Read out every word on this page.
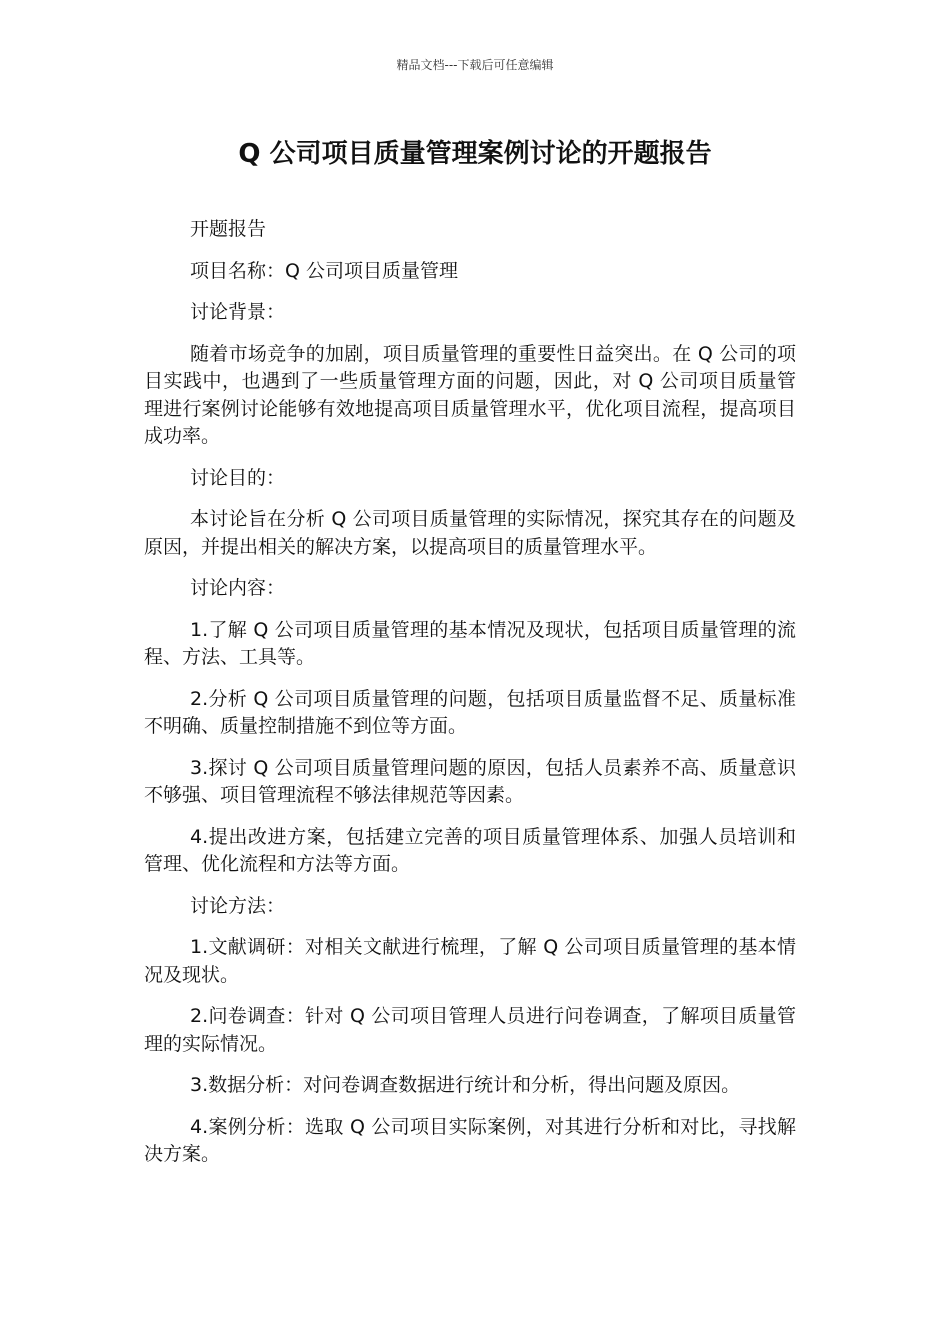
精品文档---下载后可任意编辑
Q 公司项目质量管理案例讨论的开题报告

开题报告

项目名称：Q 公司项目质量管理

讨论背景：

随着市场竞争的加剧，项目质量管理的重要性日益突出。在 Q 公司的项目实践中，也遇到了一些质量管理方面的问题，因此，对 Q 公司项目质量管理进行案例讨论能够有效地提高项目质量管理水平，优化项目流程，提高项目成功率。

讨论目的：

本讨论旨在分析 Q 公司项目质量管理的实际情况，探究其存在的问题及原因，并提出相关的解决方案，以提高项目的质量管理水平。

讨论内容：

1.了解 Q 公司项目质量管理的基本情况及现状，包括项目质量管理的流程、方法、工具等。

2.分析 Q 公司项目质量管理的问题，包括项目质量监督不足、质量标准不明确、质量控制措施不到位等方面。

3.探讨 Q 公司项目质量管理问题的原因，包括人员素养不高、质量意识不够强、项目管理流程不够法律规范等因素。

4.提出改进方案，包括建立完善的项目质量管理体系、加强人员培训和管理、优化流程和方法等方面。

讨论方法：

1.文献调研：对相关文献进行梳理，了解 Q 公司项目质量管理的基本情况及现状。

2.问卷调查：针对 Q 公司项目管理人员进行问卷调查，了解项目质量管理的实际情况。

3.数据分析：对问卷调查数据进行统计和分析，得出问题及原因。

4.案例分析：选取 Q 公司项目实际案例，对其进行分析和对比，寻找解决方案。
